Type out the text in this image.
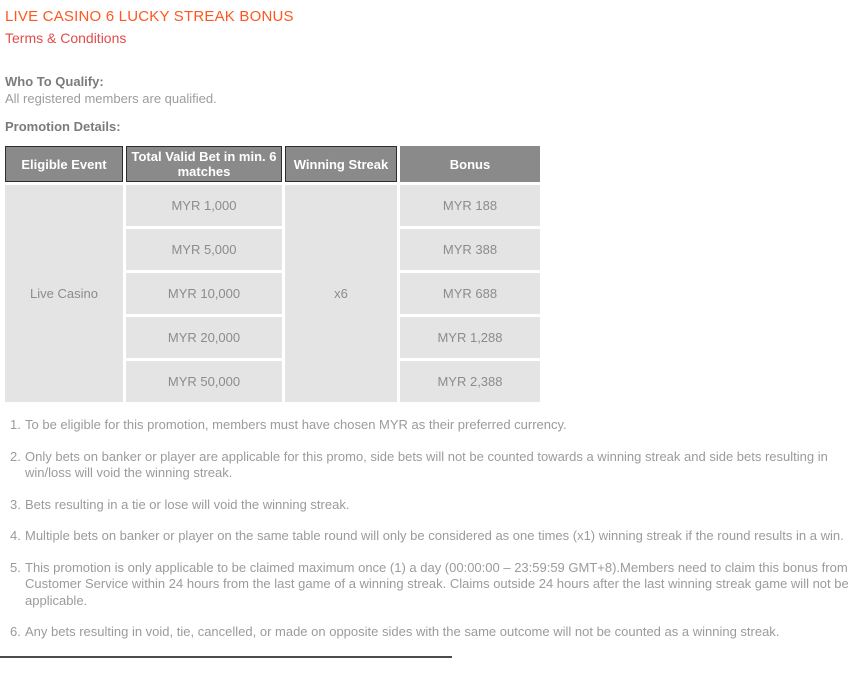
LIVE CASINO 6 LUCKY STREAK BONUS
Terms & Conditions
Who To Qualify:
All registered members are qualified.
Promotion Details:
Eligible Event	Total Valid Bet in min. 6 matches	Winning Streak	Bonus
Live Casino	MYR 1,000	x6	MYR 188
	MYR 5,000		MYR 388
	MYR 10,000		MYR 688
	MYR 20,000		MYR 1,288
	MYR 50,000		MYR 2,388
1. To be eligible for this promotion, members must have chosen MYR as their preferred currency.
2. Only bets on banker or player are applicable for this promo, side bets will not be counted towards a winning streak and side bets resulting in win/loss will void the winning streak.
3. Bets resulting in a tie or lose will void the winning streak.
4. Multiple bets on banker or player on the same table round will only be considered as one times (x1) winning streak if the round results in a win.
5. This promotion is only applicable to be claimed maximum once (1) a day (00:00:00 – 23:59:59 GMT+8).Members need to claim this bonus from Customer Service within 24 hours from the last game of a winning streak. Claims outside 24 hours after the last winning streak game will not be applicable.
6. Any bets resulting in void, tie, cancelled, or made on opposite sides with the same outcome will not be counted as a winning streak.
